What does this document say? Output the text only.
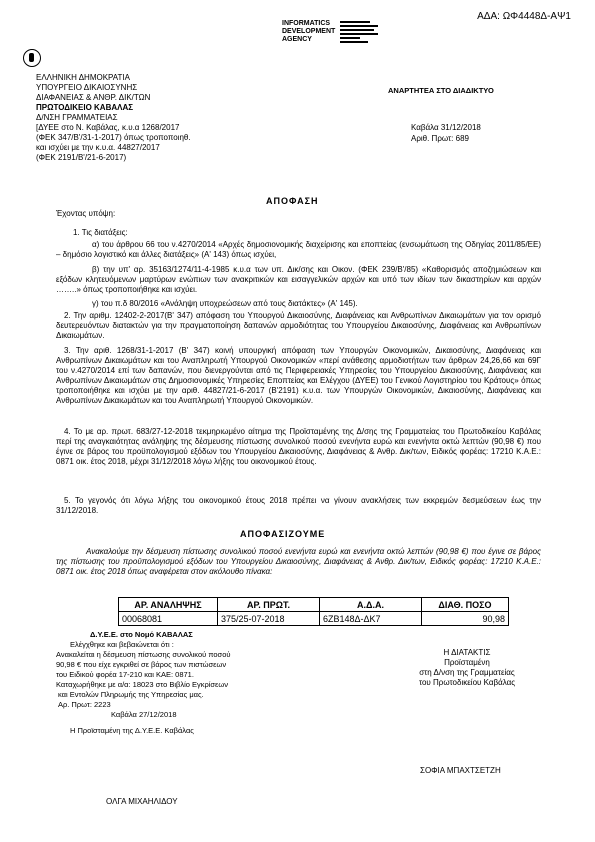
ΑΔΑ: ΩΦ4448Δ-ΑΨ1
INFORMATICS
DEVELOPMENT
AGENCY
ΕΛΛΗΝΙΚΗ ΔΗΜΟΚΡΑΤΙΑ
ΥΠΟΥΡΓΕΙΟ ΔΙΚΑΙΟΣΥΝΗΣ
ΔΙΑΦΑΝΕΙΑΣ & ΑΝΘΡ. ΔΙΚ/ΤΩΝ
ΠΡΩΤΟΔΙΚΕΙΟ ΚΑΒΑΛΑΣ
Δ/ΝΣΗ ΓΡΑΜΜΑΤΕΙΑΣ
[ΔΥΕΕ στο Ν. Καβάλας, κ.υ.α 1268/2017
(ΦΕΚ 347/Β'/31-1-2017) όπως τροποποιηθ.
και ισχύει με την κ.υ.α. 44827/2017
(ΦΕΚ 2191/Β'/21-6-2017)
ΑΝΑΡΤΗΤΕΑ ΣΤΟ ΔΙΑΔΙΚΤΥΟ
Καβάλα 31/12/2018
Αριθ. Πρωτ: 689
ΑΠΟΦΑΣΗ
Έχοντας υπόψη:
1. Τις διατάξεις:
α) του άρθρου 66 του ν.4270/2014 «Αρχές δημοσιονομικής διαχείρισης και εποπτείας (ενσωμάτωση της Οδηγίας 2011/85/ΕΕ) – δημόσιο λογιστικό και άλλες διατάξεις» (Α' 143) όπως ισχύει,
β) την υπ' αρ. 35163/1274/11-4-1985 κ.υ.α των υπ. Δικ/σης και Οικον. (ΦΕΚ 239/Β'/85) «Καθορισμός αποζημιώσεων και εξόδων κλητευόμενων μαρτύρων ενώπιων των ανακριτικών και εισαγγελικών αρχών και υπό των ιδίων των δικαστηρίων και αρχών ……..» όπως τροποποιήθηκε και ισχύει.
γ) του π.δ 80/2016 «Ανάληψη υποχρεώσεων από τους διατάκτες» (Α' 145).
2. Την αριθμ. 12402-2-2017(Β' 347) απόφαση του Υπουργού Δικαιοσύνης, Διαφάνειας και Ανθρωπίνων Δικαιωμάτων για τον ορισμό δευτερευόντων διατακτών για την πραγματοποίηση δαπανών αρμοδιότητας του Υπουργείου Δικαιοσύνης, Διαφάνειας και Ανθρωπίνων Δικαιωμάτων.
3. Την αριθ. 1268/31-1-2017 (Β' 347) κοινή υπουργική απόφαση των Υπουργών Οικονομικών, Δικαιοσύνης, Διαφάνειας και Ανθρωπίνων Δικαιωμάτων και του Αναπληρωτή Υπουργού Οικονομικών «περί ανάθεσης αρμοδιοτήτων των άρθρων 24,26,66 και 69Γ του ν.4270/2014 επί των δαπανών, που διενεργούνται από τις Περιφερειακές Υπηρεσίες του Υπουργείου Δικαιοσύνης, Διαφάνειας και Ανθρωπίνων Δικαιωμάτων στις Δημοσιονομικές Υπηρεσίες Εποπτείας και Ελέγχου (ΔΥΕΕ) του Γενικού Λογιστηρίου του Κράτους» όπως τροποποιήθηκε και ισχύει με την αριθ. 44827/21-6-2017 (Β'2191) κ.υ.α. των Υπουργών Οικονομικών, Δικαιοσύνης, Διαφάνειας και Ανθρωπίνων Δικαιωμάτων και του Αναπληρωτή Υπουργού Οικονομικών.
4. Το με αρ. πρωτ. 683/27-12-2018 τεκμηριωμένο αίτημα της Προϊσταμένης της Δ/σης της Γραμματείας του Πρωτοδικείου Καβάλας περί της αναγκαιότητας ανάληψης της δέσμευσης πίστωσης συνολικού ποσού ενενήντα ευρώ και ενενήντα οκτώ λεπτών (90,98 €) που έγινε σε βάρος του προϋπολογισμού εξόδων του Υπουργείου Δικαιοσύνης, Διαφάνειας & Ανθρ. Δικ/των, Ειδικός φορέας: 17210 Κ.Α.Ε.: 0871 οικ. έτος 2018, μέχρι 31/12/2018 λόγω λήξης του οικονομικού έτους.
5. Το γεγονός ότι λόγω λήξης του οικονομικού έτους 2018 πρέπει να γίνουν ανακλήσεις των εκκρεμών δεσμεύσεων έως την 31/12/2018.
ΑΠΟΦΑΣΙΖΟΥΜΕ
Ανακαλούμε την δέσμευση πίστωσης συνολικού ποσού ενενήντα ευρώ και ενενήντα οκτώ λεπτών (90,98 €) που έγινε σε βάρος της πίστωσης του προϋπολογισμού εξόδων του Υπουργείου Δικαιοσύνης, Διαφάνειας & Ανθρ. Δικ/των, Ειδικός φορέας: 17210 Κ.Α.Ε.: 0871 οικ. έτος 2018 όπως αναφέρεται στον ακόλουθο πίνακα:
ΑΡ. ΑΝΑΛΗΨΗΣ	ΑΡ. ΠΡΩΤ.	Α.Δ.Α.	ΔΙΑΘ. ΠΟΣΟ
00068081	375/25-07-2018	6ΖΒ148Δ-ΔΚ7	90,98
Δ.Υ.Ε.Ε. στο Νομό ΚΑΒΑΛΑΣ
Ελέγχθηκε και βεβαιώνεται ότι :
Ανακαλείται η δέσμευση πίστωσης συνολικού ποσού
90,98 € που είχε εγκριθεί σε βάρος των πιστώσεων
του Ειδικού φορέα 17-210 και ΚΑΕ: 0871.
Καταχωρήθηκε με α/α: 18023 στο Βιβλίο Εγκρίσεων
και Εντολών Πληρωμής της Υπηρεσίας μας.
Αρ. Πρωτ: 2223
Καβάλα 27/12/2018
Η Προϊσταμένη της Δ.Υ.Ε.Ε. Καβάλας
ΟΛΓΑ ΜΙΧΑΗΛΙΔΟΥ
Η ΔΙΑΤΑΚΤΙΣ
Προϊσταμένη
στη Δ/νση της Γραμματείας
του Πρωτοδικείου Καβάλας
ΣΟΦΙΑ ΜΠΑΧΤΣΕΤΖΗ
